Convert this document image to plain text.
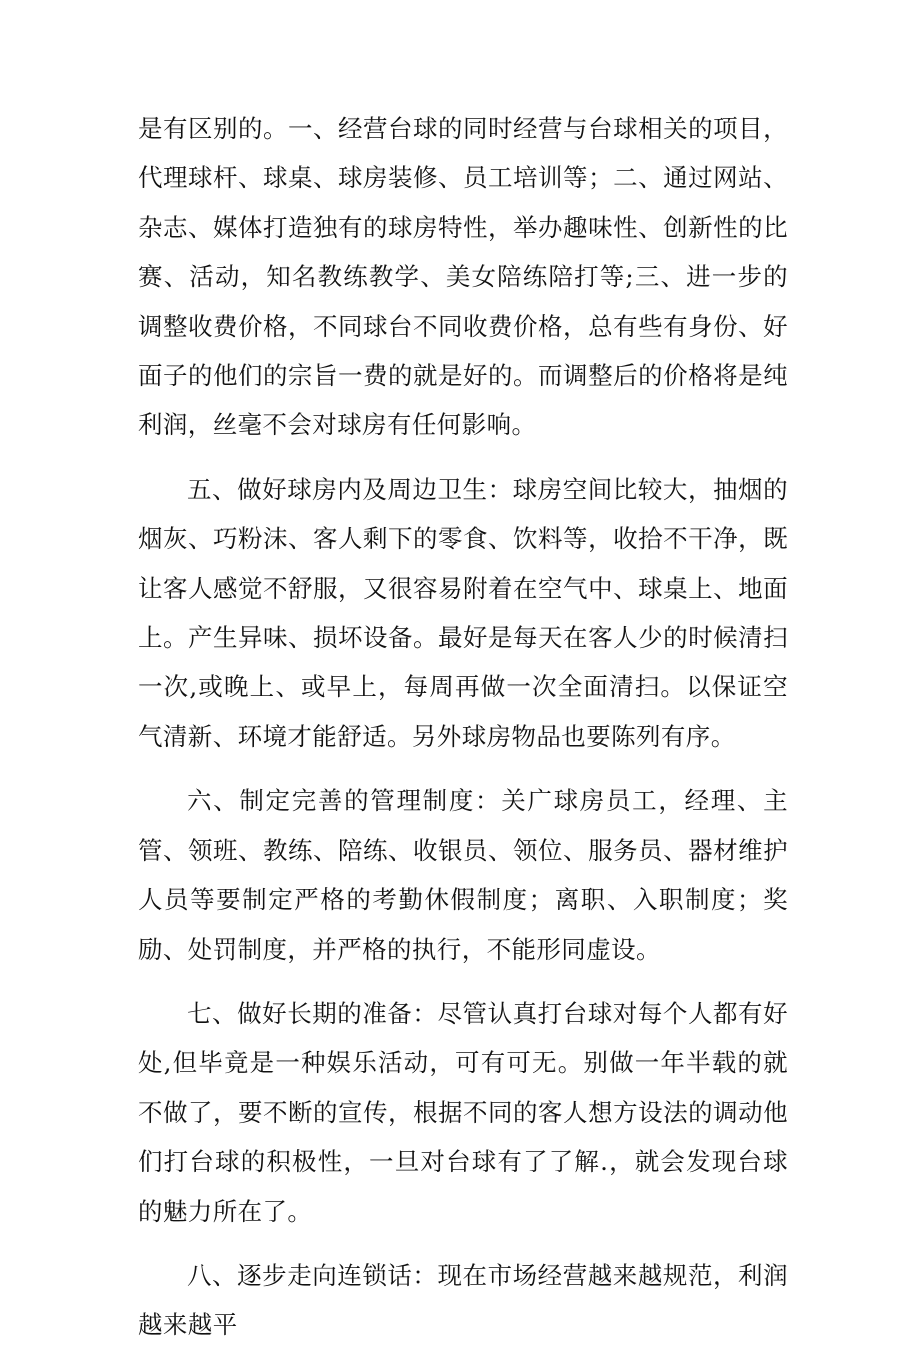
是有区别的。一、经营台球的同时经营与台球相关的项目，代理球杆、球桌、球房装修、员工培训等；二、通过网站、杂志、媒体打造独有的球房特性，举办趣味性、创新性的比赛、活动，知名教练教学、美女陪练陪打等;三、进一步的调整收费价格，不同球台不同收费价格，总有些有身份、好面子的他们的宗旨一费的就是好的。而调整后的价格将是纯利润，丝毫不会对球房有任何影响。

五、做好球房内及周边卫生：球房空间比较大，抽烟的烟灰、巧粉沫、客人剩下的零食、饮料等，收拾不干净，既让客人感觉不舒服，又很容易附着在空气中、球桌上、地面上。产生异味、损坏设备。最好是每天在客人少的时候清扫一次,或晚上、或早上，每周再做一次全面清扫。以保证空气清新、环境才能舒适。另外球房物品也要陈列有序。

六、制定完善的管理制度：关广球房员工，经理、主管、领班、教练、陪练、收银员、领位、服务员、器材维护人员等要制定严格的考勤休假制度；离职、入职制度；奖励、处罚制度，并严格的执行，不能形同虚设。

七、做好长期的准备：尽管认真打台球对每个人都有好处,但毕竟是一种娱乐活动，可有可无。别做一年半载的就不做了，要不断的宣传，根据不同的客人想方设法的调动他们打台球的积极性，一旦对台球有了了解.，就会发现台球的魅力所在了。

八、逐步走向连锁话：现在市场经营越来越规范，利润越来越平
